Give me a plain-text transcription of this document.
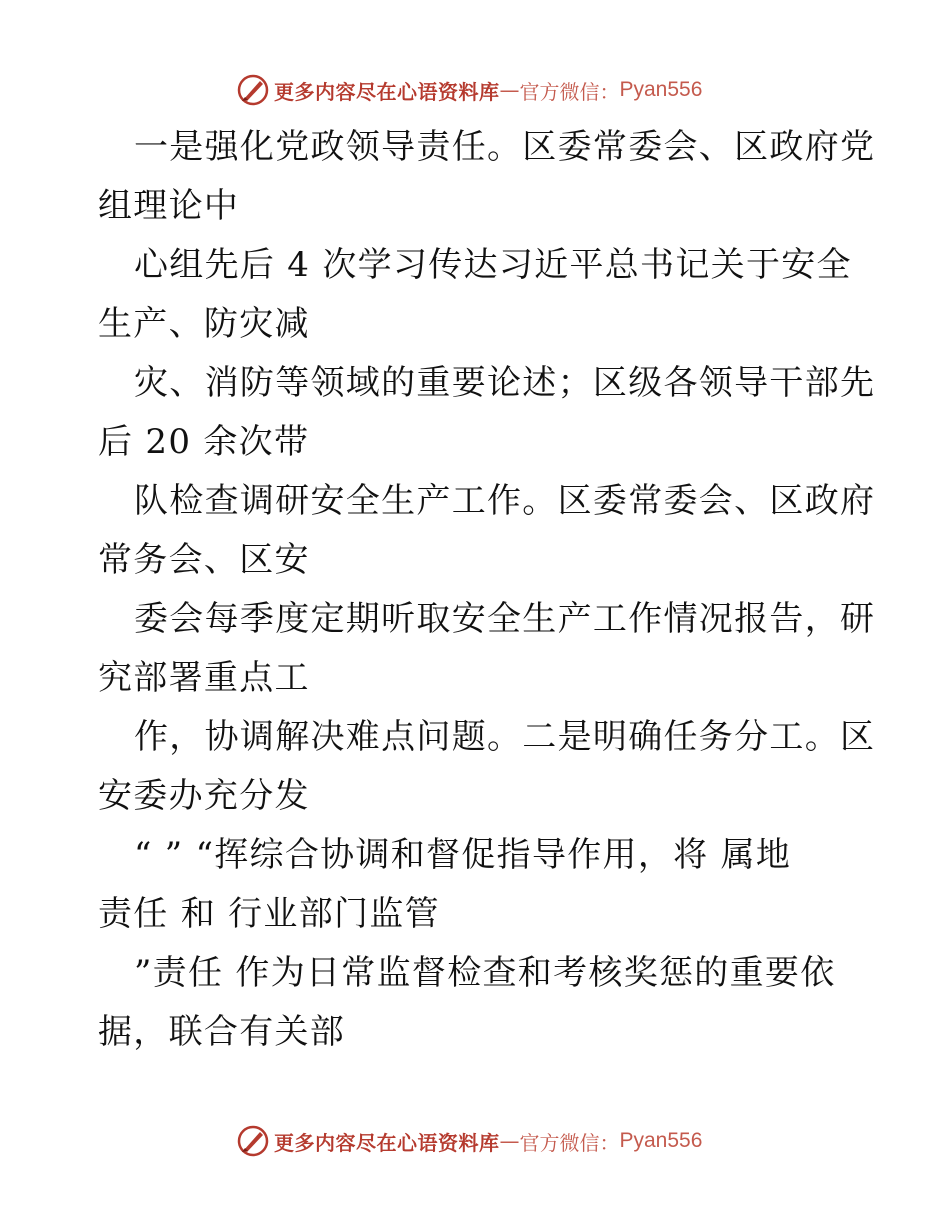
更多内容尽在心语资料库 — 官方微信： Pyan556

一是强化党政领导责任。区委常委会、区政府党
组理论中

心组先后 4 次学习传达习近平总书记关于安全
生产、防灾减

灾、消防等领域的重要论述；区级各领导干部先
后 20 余次带

队检查调研安全生产工作。区委常委会、区政府
常务会、区安

委会每季度定期听取安全生产工作情况报告，研
究部署重点工

作，协调解决难点问题。二是明确任务分工。区
安委办充分发

“ ” “挥综合协调和督促指导作用，将 属地
责任 和 行业部门监管

”责任 作为日常监督检查和考核奖惩的重要依
据，联合有关部

更多内容尽在心语资料库 — 官方微信： Pyan556
